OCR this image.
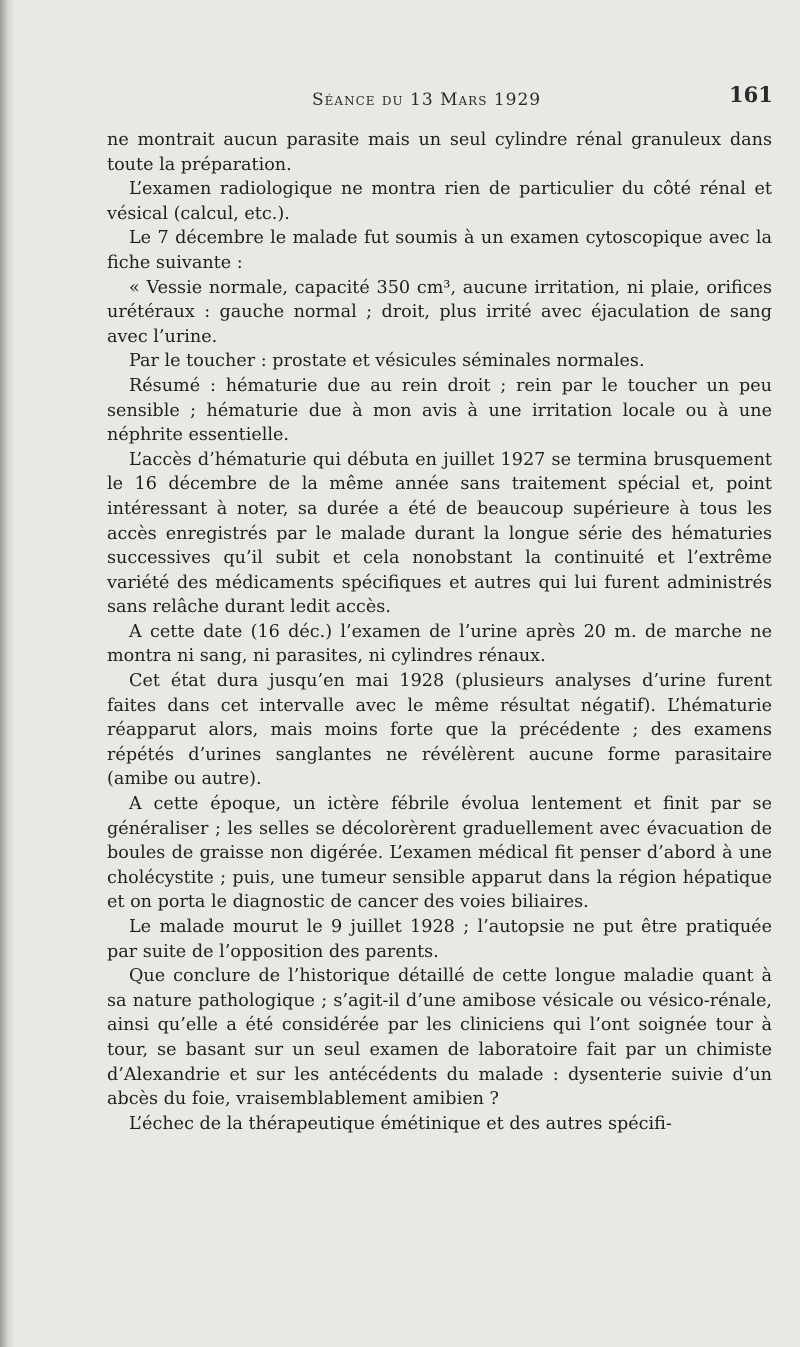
Séance du 13 Mars 1929	161

ne montrait aucun parasite mais un seul cylindre rénal granuleux dans toute la préparation.

L’examen radiologique ne montra rien de particulier du côté rénal et vésical (calcul, etc.).

Le 7 décembre le malade fut soumis à un examen cytoscopique avec la fiche suivante :

« Vessie normale, capacité 350 cm³, aucune irritation, ni plaie, orifices urétéraux : gauche normal ; droit, plus irrité avec éjaculation de sang avec l’urine.

Par le toucher : prostate et vésicules séminales normales.

Résumé : hématurie due au rein droit ; rein par le toucher un peu sensible ; hématurie due à mon avis à une irritation locale ou à une néphrite essentielle.

L’accès d’hématurie qui débuta en juillet 1927 se termina brusquement le 16 décembre de la même année sans traitement spécial et, point intéressant à noter, sa durée a été de beaucoup supérieure à tous les accès enregistrés par le malade durant la longue série des hématuries successives qu’il subit et cela nonobstant la continuité et l’extrême variété des médicaments spécifiques et autres qui lui furent administrés sans relâche durant ledit accès.

A cette date (16 déc.) l’examen de l’urine après 20 m. de marche ne montra ni sang, ni parasites, ni cylindres rénaux.

Cet état dura jusqu’en mai 1928 (plusieurs analyses d’urine furent faites dans cet intervalle avec le même résultat négatif). L’hématurie réapparut alors, mais moins forte que la précédente ; des examens répétés d’urines sanglantes ne révélèrent aucune forme parasitaire (amibe ou autre).

A cette époque, un ictère fébrile évolua lentement et finit par se généraliser ; les selles se décolorèrent graduellement avec évacuation de boules de graisse non digérée. L’examen médical fit penser d’abord à une cholécystite ; puis, une tumeur sensible apparut dans la région hépatique et on porta le diagnostic de cancer des voies biliaires.

Le malade mourut le 9 juillet 1928 ; l’autopsie ne put être pratiquée par suite de l’opposition des parents.

Que conclure de l’historique détaillé de cette longue maladie quant à sa nature pathologique ; s’agit-il d’une amibose vésicale ou vésico-rénale, ainsi qu’elle a été considérée par les cliniciens qui l’ont soignée tour à tour, se basant sur un seul examen de laboratoire fait par un chimiste d’Alexandrie et sur les antécédents du malade : dysenterie suivie d’un abcès du foie, vraisemblablement amibien ?

L’échec de la thérapeutique émétinique et des autres spécifi-
